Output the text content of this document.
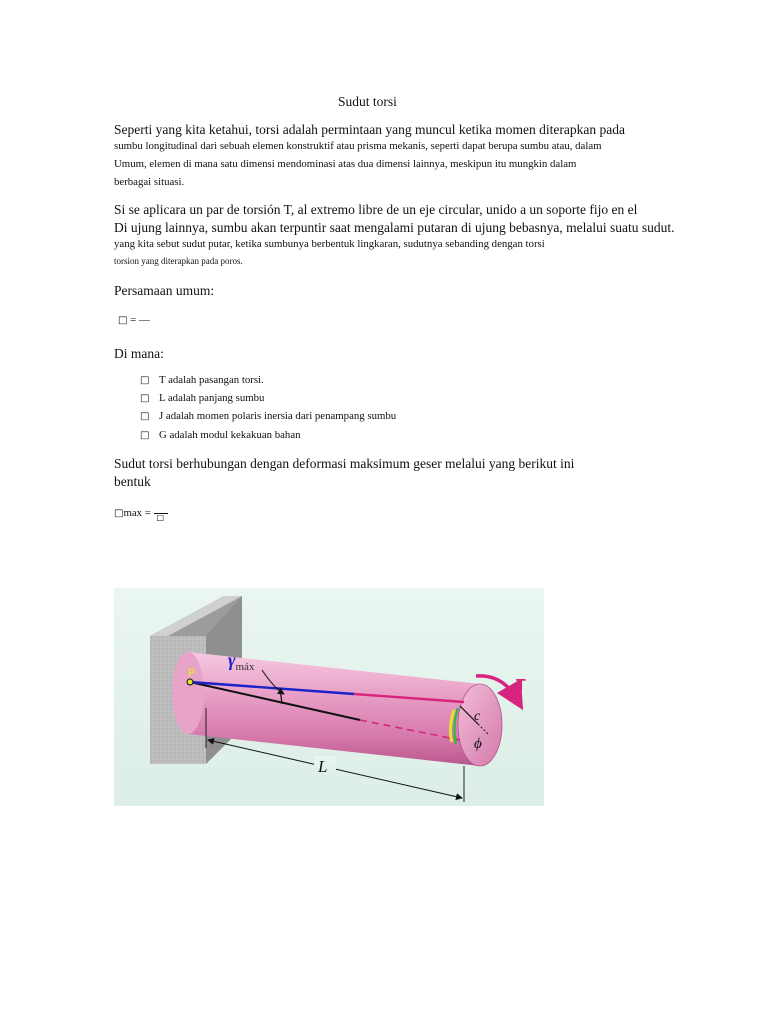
Sudut torsi
Seperti yang kita ketahui, torsi adalah permintaan yang muncul ketika momen diterapkan pada
sumbu longitudinal dari sebuah elemen konstruktif atau prisma mekanis, seperti dapat berupa sumbu atau, dalam
Umum, elemen di mana satu dimensi mendominasi atas dua dimensi lainnya, meskipun itu mungkin dalam
berbagai situasi.
Si se aplicara un par de torsión T, al extremo libre de un eje circular, unido a un soporte fijo en el
Di ujung lainnya, sumbu akan terpuntir saat mengalami putaran di ujung bebasnya, melalui suatu sudut.
yang kita sebut sudut putar, ketika sumbunya berbentuk lingkaran, sudutnya sebanding dengan torsi
torsion yang diterapkan pada poros.
Persamaan umum:
□ = —
Di mana:
□ T adalah pasangan torsi.
□ L adalah panjang sumbu
□ J adalah momen polaris inersia dari penampang sumbu
□ G adalah modul kekakuan bahan
Sudut torsi berhubungan dengan deformasi maksimum geser melalui yang berikut ini
bentuk
□max = □
P
$\gamma_{máx}$
c
ϕ
T
L
